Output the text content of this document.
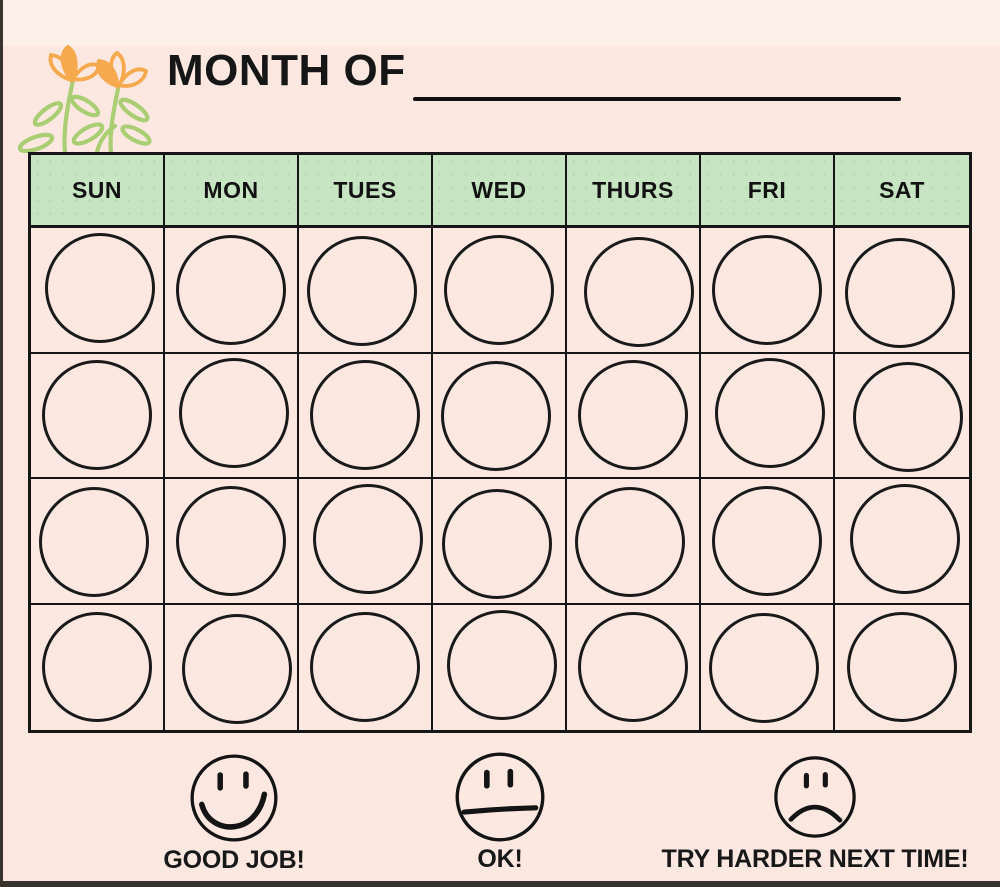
MONTH OF
SUN	MON	TUES	WED	THURS	FRI	SAT
GOOD JOB!	OK!	TRY HARDER NEXT TIME!
